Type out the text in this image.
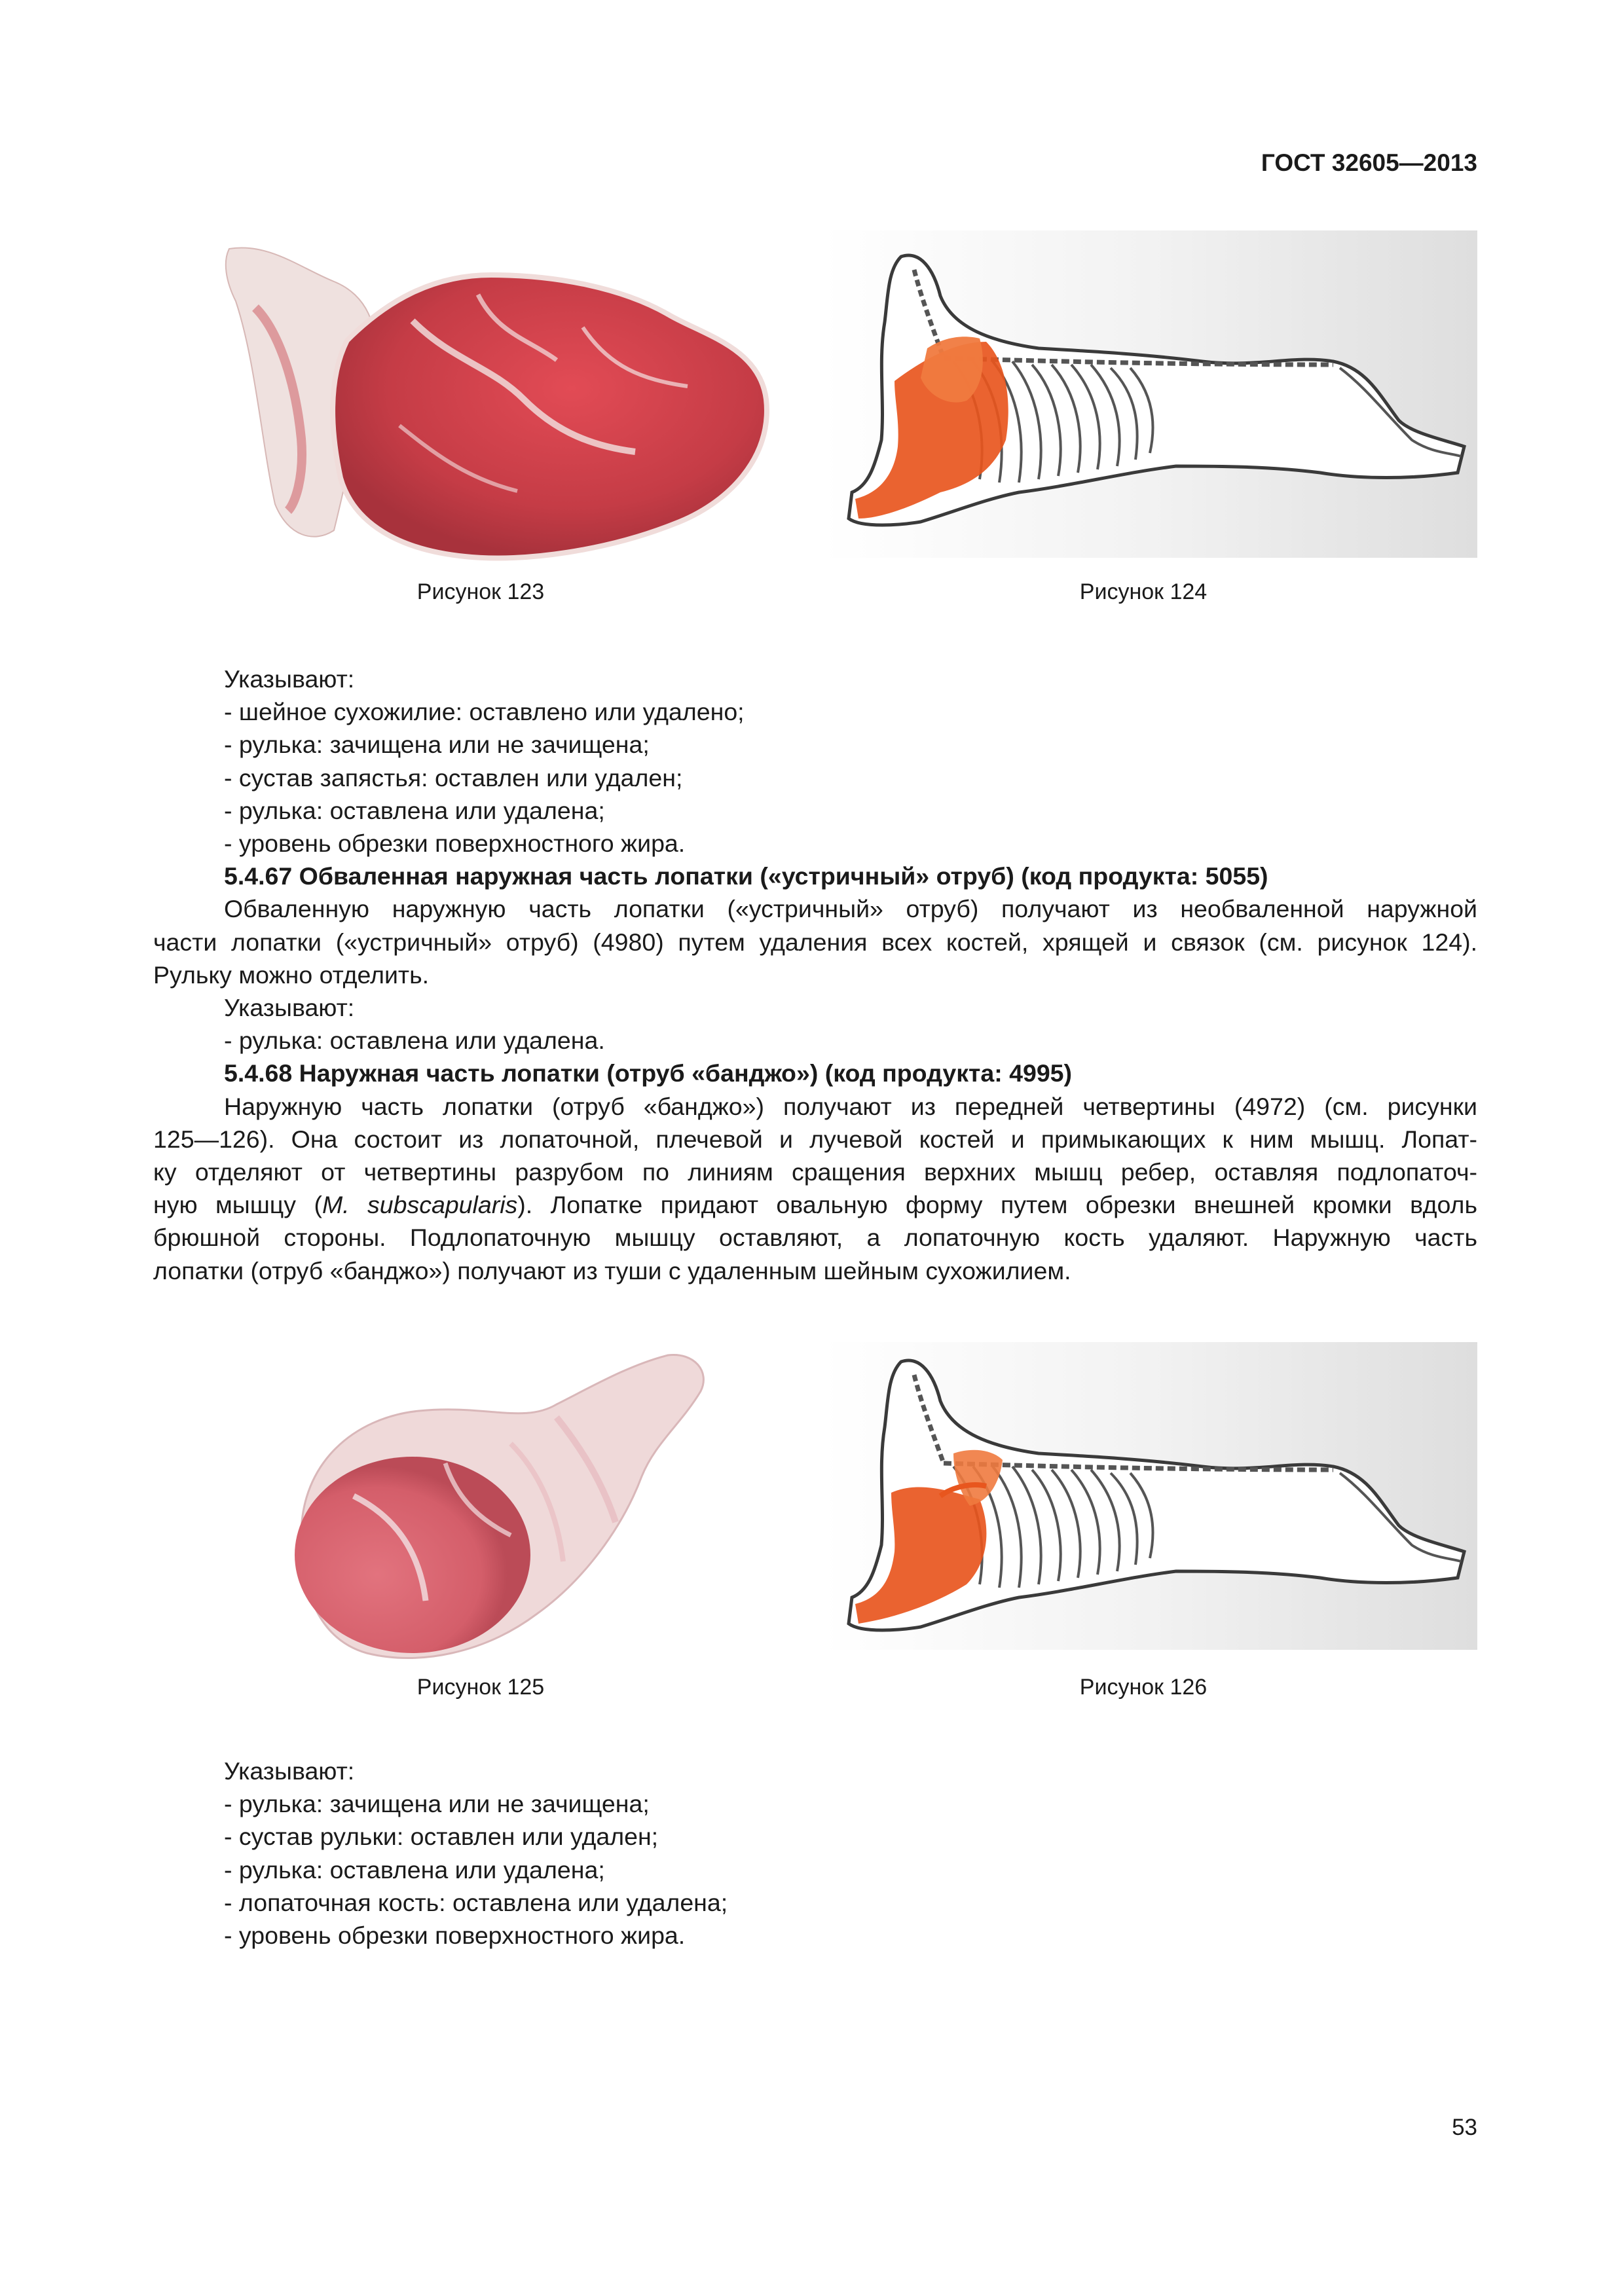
ГОСТ 32605—2013
Рисунок 123	Рисунок 124

Указывают:

- шейное сухожилие: оставлено или удалено;

- рулька: зачищена или не зачищена;

- сустав запястья: оставлен или удален;

- рулька: оставлена или удалена;

- уровень обрезки поверхностного жира.

5.4.67 Обваленная наружная часть лопатки («устричный» отруб) (код продукта: 5055)

Обваленную наружную часть лопатки («устричный» отруб) получают из необваленной наружной

части лопатки («устричный» отруб) (4980) путем удаления всех костей, хрящей и связок (см. рисунок 124).

Рульку можно отделить.

Указывают:

- рулька: оставлена или удалена.

5.4.68 Наружная часть лопатки (отруб «банджо») (код продукта: 4995)

Наружную часть лопатки (отруб «банджо») получают из передней четвертины (4972) (см. рисунки

125—126). Она состоит из лопаточной, плечевой и лучевой костей и примыкающих к ним мышц. Лопат-

ку отделяют от четвертины разрубом по линиям сращения верхних мышц ребер, оставляя подлопаточ-

ную мышцу (M. subscapularis). Лопатке придают овальную форму путем обрезки внешней кромки вдоль

брюшной стороны. Подлопаточную мышцу оставляют, а лопаточную кость удаляют. Наружную часть

лопатки (отруб «банджо») получают из туши с удаленным шейным сухожилием.

Рисунок 125	Рисунок 126

Указывают:

- рулька: зачищена или не зачищена;

- сустав рульки: оставлен или удален;

- рулька: оставлена или удалена;

- лопаточная кость: оставлена или удалена;

- уровень обрезки поверхностного жира.

53
